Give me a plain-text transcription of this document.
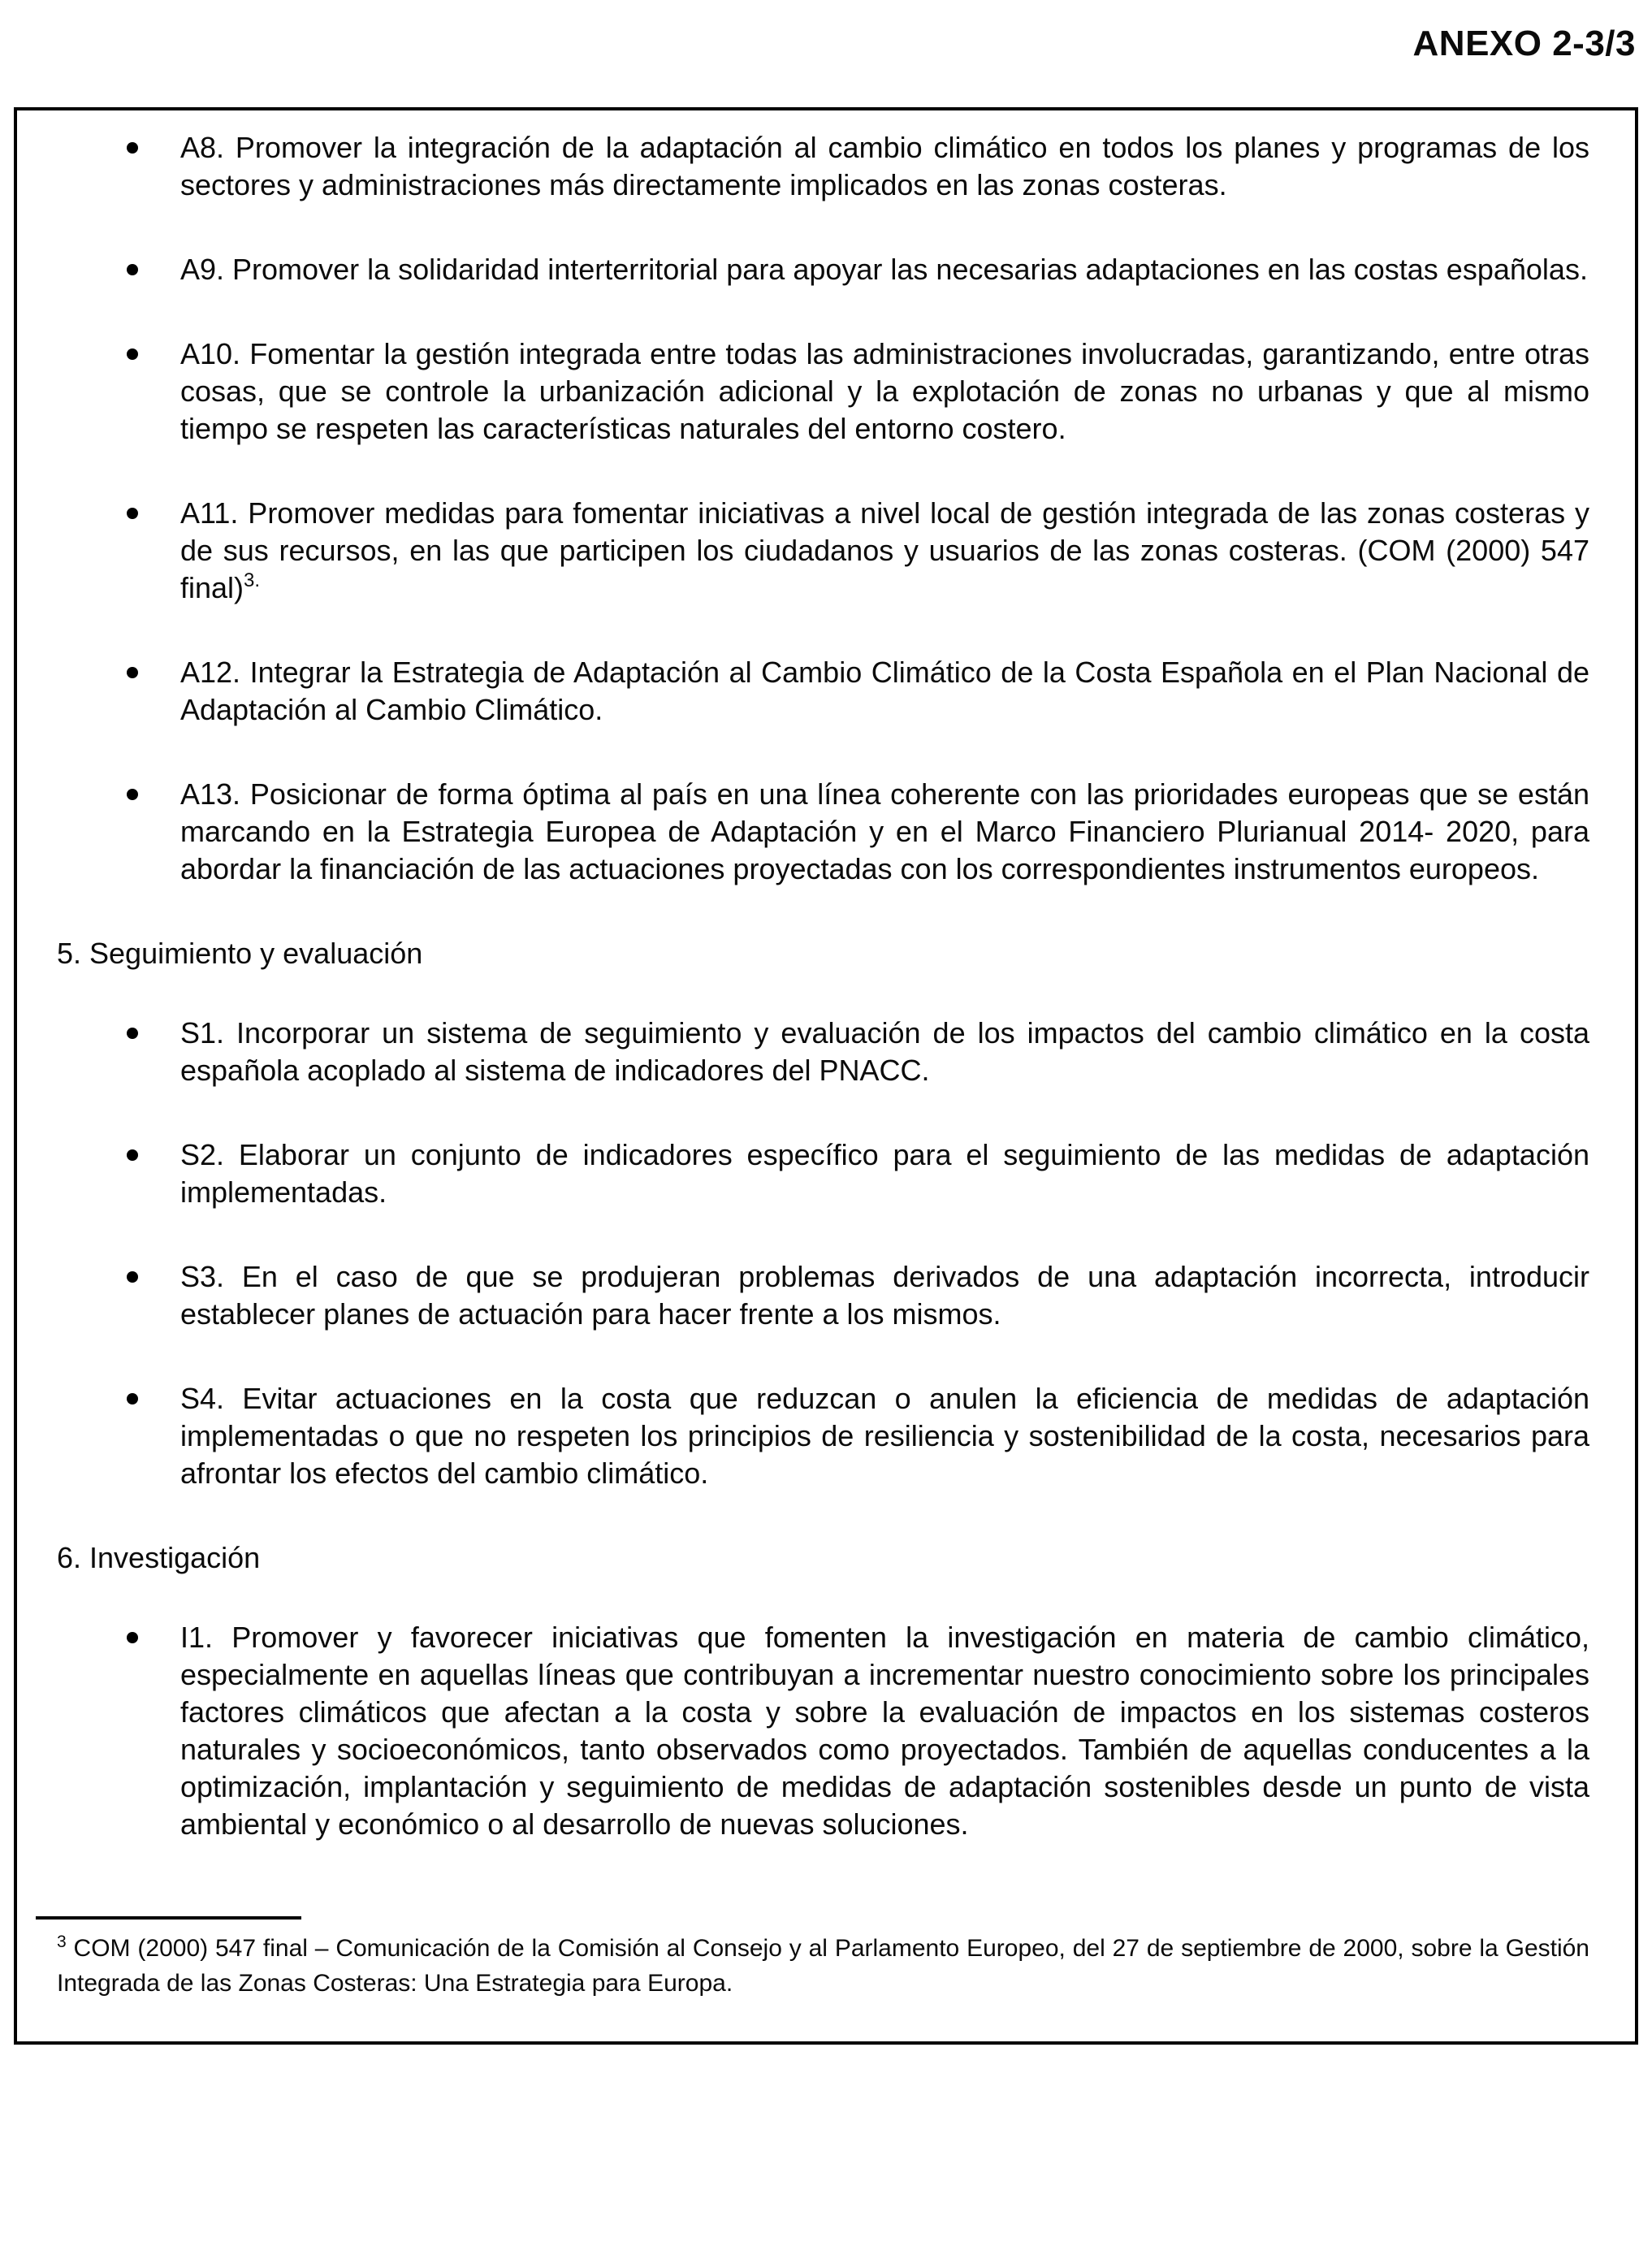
ANEXO 2-3/3
A8. Promover la integración de la adaptación al cambio climático en todos los planes y programas de los sectores y administraciones más directamente implicados en las zonas costeras.
A9. Promover la solidaridad interterritorial para apoyar las necesarias adaptaciones en las costas españolas.
A10. Fomentar la gestión integrada entre todas las administraciones involucradas, garantizando, entre otras cosas, que se controle la urbanización adicional y la explotación de zonas no urbanas y que al mismo tiempo se respeten las características naturales del entorno costero.
A11. Promover medidas para fomentar iniciativas a nivel local de gestión integrada de las zonas costeras y de sus recursos, en las que participen los ciudadanos y usuarios de las zonas costeras. (COM (2000) 547 final)$^{3.}$
A12. Integrar la Estrategia de Adaptación al Cambio Climático de la Costa Española en el Plan Nacional de Adaptación al Cambio Climático.
A13. Posicionar de forma óptima al país en una línea coherente con las prioridades europeas que se están marcando en la Estrategia Europea de Adaptación y en el Marco Financiero Plurianual 2014- 2020, para abordar la financiación de las actuaciones proyectadas con los correspondientes instrumentos europeos.
5. Seguimiento y evaluación
S1. Incorporar un sistema de seguimiento y evaluación de los impactos del cambio climático en la costa española acoplado al sistema de indicadores del PNACC.
S2. Elaborar un conjunto de indicadores específico para el seguimiento de las medidas de adaptación implementadas.
S3. En el caso de que se produjeran problemas derivados de una adaptación incorrecta, introducir establecer planes de actuación para hacer frente a los mismos.
S4. Evitar actuaciones en la costa que reduzcan o anulen la eficiencia de medidas de adaptación implementadas o que no respeten los principios de resiliencia y sostenibilidad de la costa, necesarios para afrontar los efectos del cambio climático.
6. Investigación
I1. Promover y favorecer iniciativas que fomenten la investigación en materia de cambio climático, especialmente en aquellas líneas que contribuyan a incrementar nuestro conocimiento sobre los principales factores climáticos que afectan a la costa y sobre la evaluación de impactos en los sistemas costeros naturales y socioeconómicos, tanto observados como proyectados. También de aquellas conducentes a la optimización, implantación y seguimiento de medidas de adaptación sostenibles desde un punto de vista ambiental y económico o al desarrollo de nuevas soluciones.
$^3$ COM (2000) 547 final – Comunicación de la Comisión al Consejo y al Parlamento Europeo, del 27 de septiembre de 2000, sobre la Gestión Integrada de las Zonas Costeras: Una Estrategia para Europa.
